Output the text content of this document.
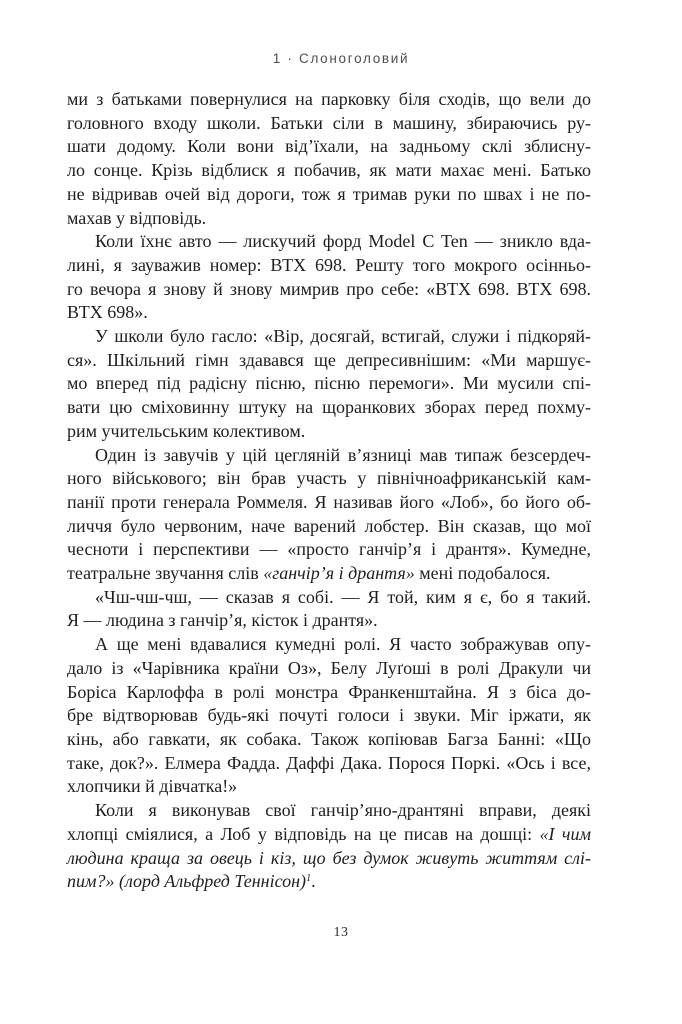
1 · Слоноголовий
ми з батьками повернулися на парковку біля сходів, що вели до
головного входу школи. Батьки сіли в машину, збираючись ру-
шати додому. Коли вони від’їхали, на задньому склі зблисну-
ло сонце. Крізь відблиск я побачив, як мати махає мені. Батько
не відривав очей від дороги, тож я тримав руки по швах і не по-
махав у відповідь.
Коли їхнє авто — лискучий форд Model C Ten — зникло вда-
лині, я зауважив номер: ВТХ 698. Решту того мокрого осінньо-
го вечора я знову й знову мимрив про себе: «ВТХ 698. ВТХ 698.
ВТХ 698».
У школи було гасло: «Вір, досягай, встигай, служи і підкоряй-
ся». Шкільний гімн здавався ще депресивнішим: «Ми маршує-
мо вперед під радісну пісню, пісню перемоги». Ми мусили спі-
вати цю сміховинну штуку на щоранкових зборах перед похму-
рим учительським колективом.
Один із завучів у цій цегляній в’язниці мав типаж безсердеч-
ного військового; він брав участь у північноафриканській кам-
панії проти генерала Роммеля. Я називав його «Лоб», бо його об-
личчя було червоним, наче варений лобстер. Він сказав, що мої
чесноти і перспективи — «просто ганчір’я і дрантя». Кумедне,
театральне звучання слів «ганчір’я і дрантя» мені подобалося.
«Чш-чш-чш, — сказав я собі. — Я той, ким я є, бо я такий.
Я — людина з ганчір’я, кісток і дрантя».
А ще мені вдавалися кумедні ролі. Я часто зображував опу-
дало із «Чарівника країни Оз», Белу Луґоші в ролі Дракули чи
Боріса Карлоффа в ролі монстра Франкенштайна. Я з біса до-
бре відтворював будь-які почуті голоси і звуки. Міг іржати, як
кінь, або гавкати, як собака. Також копіював Багза Банні: «Що
таке, док?». Елмера Фадда. Даффі Дака. Порося Поркі. «Ось і все,
хлопчики й дівчатка!»
Коли я виконував свої ганчір’яно-дрантяні вправи, деякі
хлопці сміялися, а Лоб у відповідь на це писав на дошці: «І чим
людина краща за овець і кіз, що без думок живуть життям слі-
пим?» (лорд Альфред Теннісон)$^1$.
13
